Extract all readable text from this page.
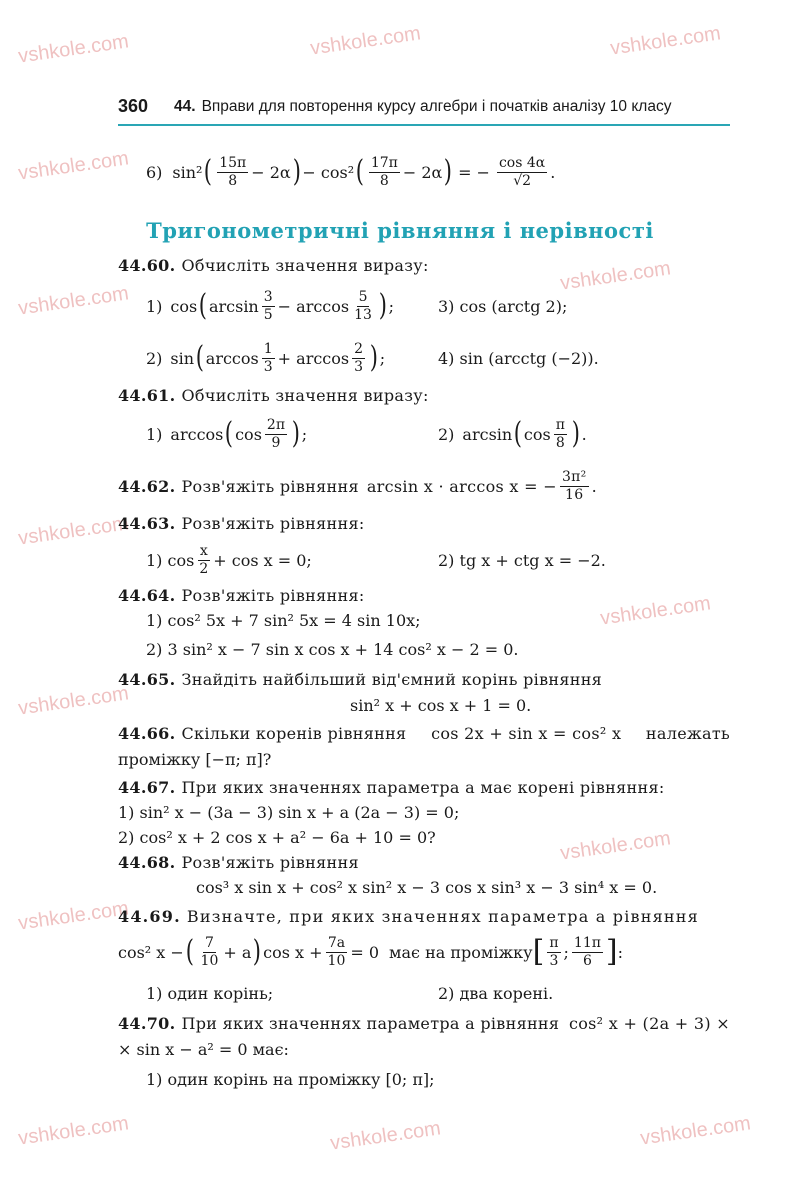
vshkole.com	vshkole.com	vshkole.com
vshkole.com
vshkole.com
vshkole.com
vshkole.com
vshkole.com
vshkole.com
vshkole.com
vshkole.com
vshkole.com	vshkole.com	vshkole.com
360 44. Вправи для повторення курсу алгебри і початків аналізу 10 класу
6) sin² ( $\frac{15\pi}{8} - 2\alpha$ ) − cos² ( $\frac{17\pi}{8} - 2\alpha$ ) = − $\frac{\cos 4\alpha}{√2}$ .
Тригонометричні рівняння і нерівності
44.60. Обчисліть значення виразу:
1) cos ( $\arcsin \frac{3}{5} - \arccos \frac{5}{13}$ ) ;	3) cos (arctg 2);
2) sin ( $\arccos \frac{1}{3} + \arccos \frac{2}{3}$ ) ;	4) sin (arcctg (−2)).
44.61. Обчисліть значення виразу:
1) arccos ( $\cos \frac{2\pi}{9}$ ) ;	2) arcsin ( $\cos \frac{\pi}{8}$ ) .
44.62. Розв'яжіть рівняння arcsin x · arccos x = − $\frac{\text{3π²}}{16}$ .
44.63. Розв'яжіть рівняння:
1) $\cos \frac{x}{2} + \cos x = 0$;	2) tg x + ctg x = −2.
44.64. Розв'яжіть рівняння:
1) cos² 5x + 7 sin² 5x = 4 sin 10x;
2) 3 sin² x − 7 sin x cos x + 14 cos² x − 2 = 0.
44.65. Знайдіть найбільший від'ємний корінь рівняння
sin² x + cos x + 1 = 0.
44.66. Скільки коренів рівняння cos 2x + sin x = cos² x належать
проміжку [−π; π]?
44.67. При яких значеннях параметра a має корені рівняння:
1) sin² x − (3a − 3) sin x + a (2a − 3) = 0;
2) cos² x + 2 cos x + a² − 6a + 10 = 0?
44.68. Розв'яжіть рівняння
cos³ x sin x + cos² x sin² x − 3 cos x sin³ x − 3 sin⁴ x = 0.
44.69. Визначте, при яких значеннях параметра a рівняння
cos² x − ( $\frac{7}{10} + a$ ) $\cos x + \frac{7a}{10} = 0$ має на проміжку [ $\frac{\pi}{3}$ ; $\frac{11\pi}{6}$ ] :
1) один корінь;	2) два корені.
44.70. При яких значеннях параметра a рівняння cos² x + (2a + 3) ×
× sin x − a² = 0 має:
1) один корінь на проміжку [0; π];
